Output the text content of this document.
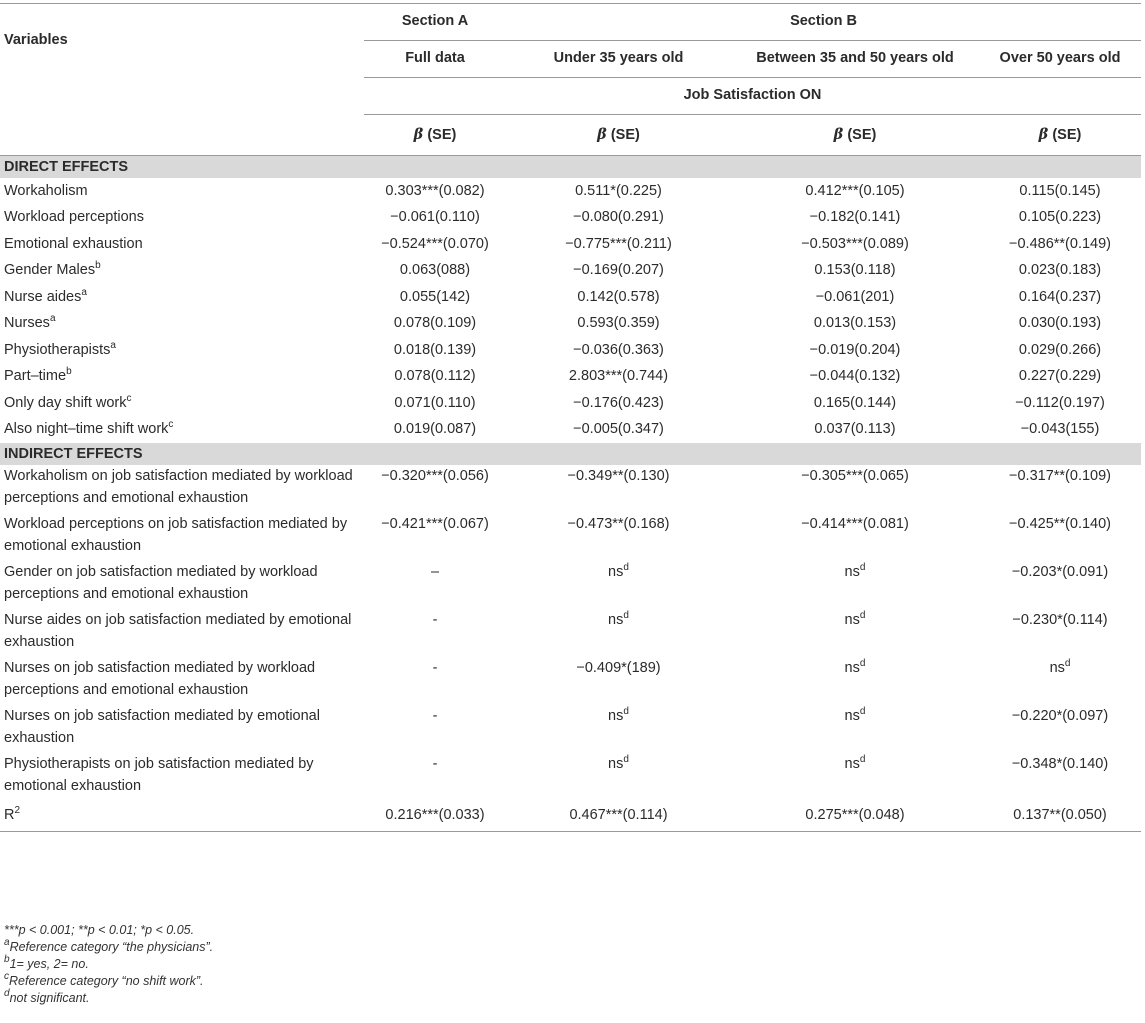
Variables	Section A	Section B		
	Full data	Under 35 years old	Between 35 and 50 years old	Over 50 years old
	Job Satisfaction ON			
	β (SE)	β (SE)	β (SE)	β (SE)
DIRECT EFFECTS				
Workaholism	0.303***(0.082)	0.511*(0.225)	0.412***(0.105)	0.115(0.145)
Workload perceptions	−0.061(0.110)	−0.080(0.291)	−0.182(0.141)	0.105(0.223)
Emotional exhaustion	−0.524***(0.070)	−0.775***(0.211)	−0.503***(0.089)	−0.486**(0.149)
Gender Males$^b$	0.063(088)	−0.169(0.207)	0.153(0.118)	0.023(0.183)
Nurse aides$^a$	0.055(142)	0.142(0.578)	−0.061(201)	0.164(0.237)
Nurses$^a$	0.078(0.109)	0.593(0.359)	0.013(0.153)	0.030(0.193)
Physiotherapists$^a$	0.018(0.139)	−0.036(0.363)	−0.019(0.204)	0.029(0.266)
Part–time$^b$	0.078(0.112)	2.803***(0.744)	−0.044(0.132)	0.227(0.229)
Only day shift work$^c$	0.071(0.110)	−0.176(0.423)	0.165(0.144)	−0.112(0.197)
Also night–time shift work$^c$	0.019(0.087)	−0.005(0.347)	0.037(0.113)	−0.043(155)
INDIRECT EFFECTS				
Workaholism on job satisfaction mediated by workload perceptions and emotional exhaustion	−0.320***(0.056)	−0.349**(0.130)	−0.305***(0.065)	−0.317**(0.109)
Workload perceptions on job satisfaction mediated by emotional exhaustion	−0.421***(0.067)	−0.473**(0.168)	−0.414***(0.081)	−0.425**(0.140)
Gender on job satisfaction mediated by workload perceptions and emotional exhaustion	–	$ns^d$	$ns^d$	−0.203*(0.091)
Nurse aides on job satisfaction mediated by emotional exhaustion	-	$ns^d$	$ns^d$	−0.230*(0.114)
Nurses on job satisfaction mediated by workload perceptions and emotional exhaustion	-	−0.409*(189)	$ns^d$	$ns^d$
Nurses on job satisfaction mediated by emotional exhaustion	-	$ns^d$	$ns^d$	−0.220*(0.097)
Physiotherapists on job satisfaction mediated by emotional exhaustion	-	$ns^d$	$ns^d$	−0.348*(0.140)
$R^2$	0.216***(0.033)	0.467***(0.114)	0.275***(0.048)	0.137**(0.050)
***p < 0.001; **p < 0.01; *p < 0.05.
$^a$Reference category “the physicians”.
$^b$1= yes, 2= no.
$^c$Reference category “no shift work”.
$^d$not significant.
